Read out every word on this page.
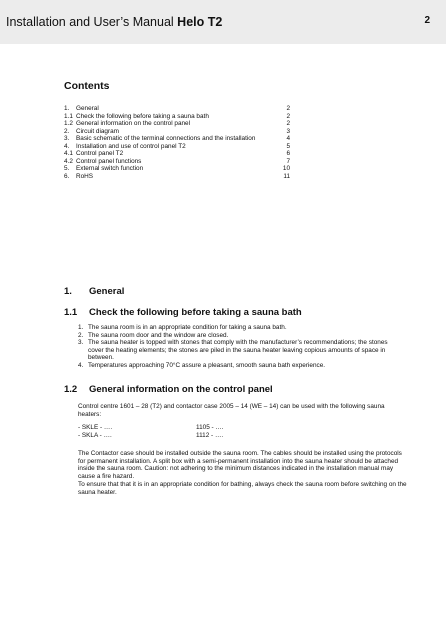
Installation and User’s Manual Helo T2	2
Contents
1.	General	2
1.1 Check the following before taking a sauna bath	2
1.2 General information on the control panel	2
2.	Circuit diagram	3
3.	Basic schematic of the terminal connections and the installation	4
4.	Installation and use of control panel T2	5
4.1 Control panel T2	6
4.2 Control panel functions	7
5.	External switch function	10
6.	RoHS	11
1. General
1.1 Check the following before taking a sauna bath
1. The sauna room is in an appropriate condition for taking a sauna bath.
2. The sauna room door and the window are closed.
3. The sauna heater is topped with stones that comply with the manufacturer’s recommendations; the stones cover the heating elements; the stones are piled in the sauna heater leaving copious amounts of space in between.
4. Temperatures approaching 70°C assure a pleasant, smooth sauna bath experience.
1.2 General information on the control panel
Control centre 1601 – 28 (T2) and contactor case 2005 – 14 (WE – 14) can be used with the following sauna heaters:
- SKLE - ….	1105 - ….
- SKLA - ….	1112 - ….
The Contactor case should be installed outside the sauna room. The cables should be installed using the protocols for permanent installation. A split box with a semi-permanent installation into the sauna heater should be attached inside the sauna room. Caution: not adhering to the minimum distances indicated in the installation manual may cause a fire hazard.
To ensure that that it is in an appropriate condition for bathing, always check the sauna room before switching on the sauna heater.
